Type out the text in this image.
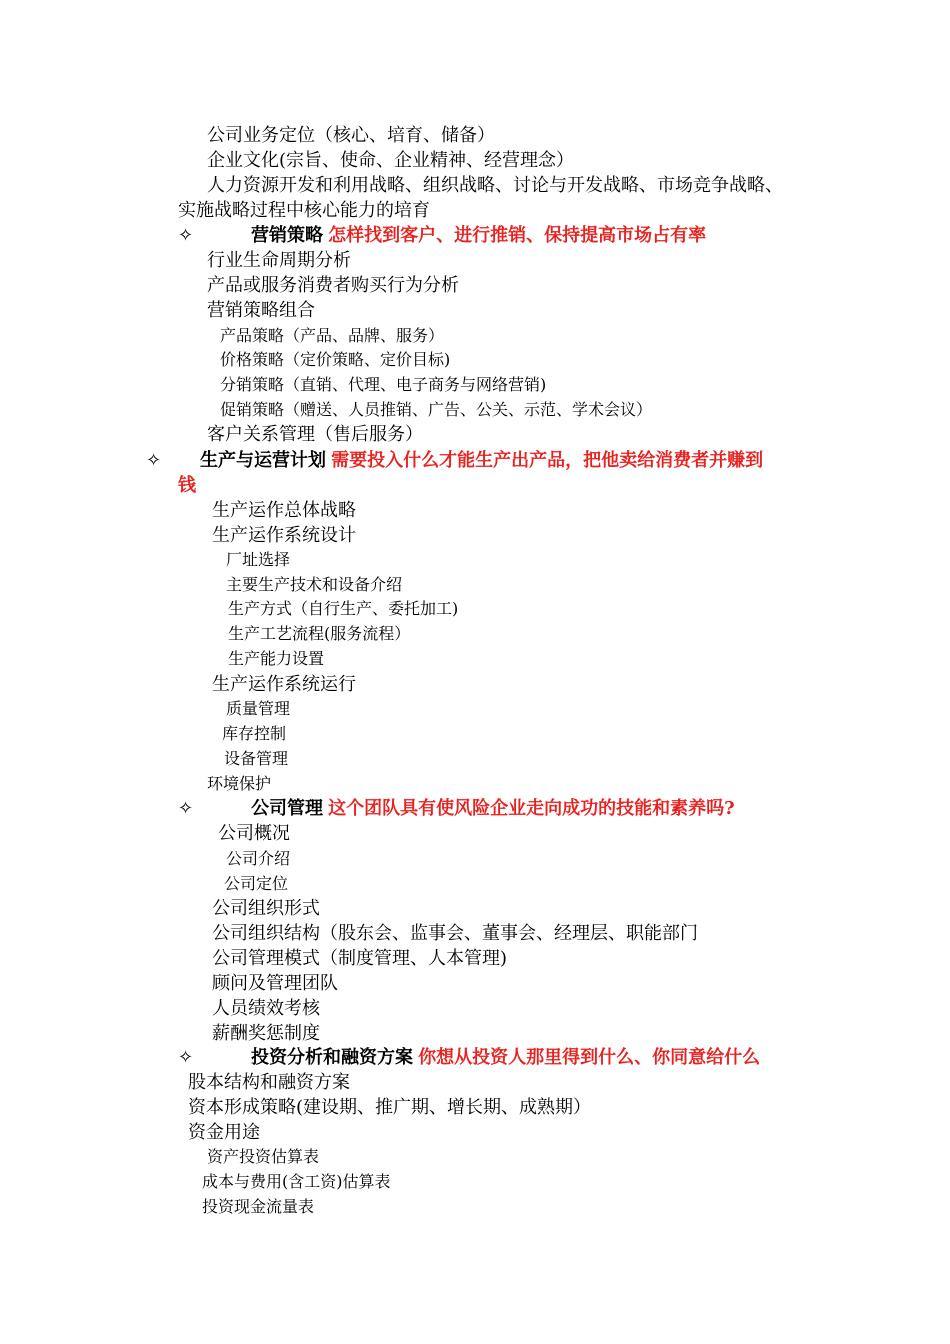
公司业务定位（核心、培育、储备）
企业文化(宗旨、使命、企业精神、经营理念）
人力资源开发和利用战略、组织战略、讨论与开发战略、市场竞争战略、
实施战略过程中核心能力的培育
✧	营销策略 怎样找到客户、进行推销、保持提高市场占有率
行业生命周期分析
产品或服务消费者购买行为分析
营销策略组合
产品策略（产品、品牌、服务）
价格策略（定价策略、定价目标)
分销策略（直销、代理、电子商务与网络营销)
促销策略（赠送、人员推销、广告、公关、示范、学术会议）
客户关系管理（售后服务）
✧ 生产与运营计划 需要投入什么才能生产出产品，把他卖给消费者并赚到
钱
生产运作总体战略
生产运作系统设计
厂址选择
主要生产技术和设备介绍
生产方式（自行生产、委托加工)
生产工艺流程(服务流程）
生产能力设置
生产运作系统运行
质量管理
库存控制
设备管理
环境保护
✧	公司管理 这个团队具有使风险企业走向成功的技能和素养吗?
公司概况
公司介绍
公司定位
公司组织形式
公司组织结构（股东会、监事会、董事会、经理层、职能部门
公司管理模式（制度管理、人本管理)
顾问及管理团队
人员绩效考核
薪酬奖惩制度
✧	投资分析和融资方案 你想从投资人那里得到什么、你同意给什么
股本结构和融资方案
资本形成策略(建设期、推广期、增长期、成熟期）
资金用途
资产投资估算表
成本与费用(含工资)估算表
投资现金流量表
